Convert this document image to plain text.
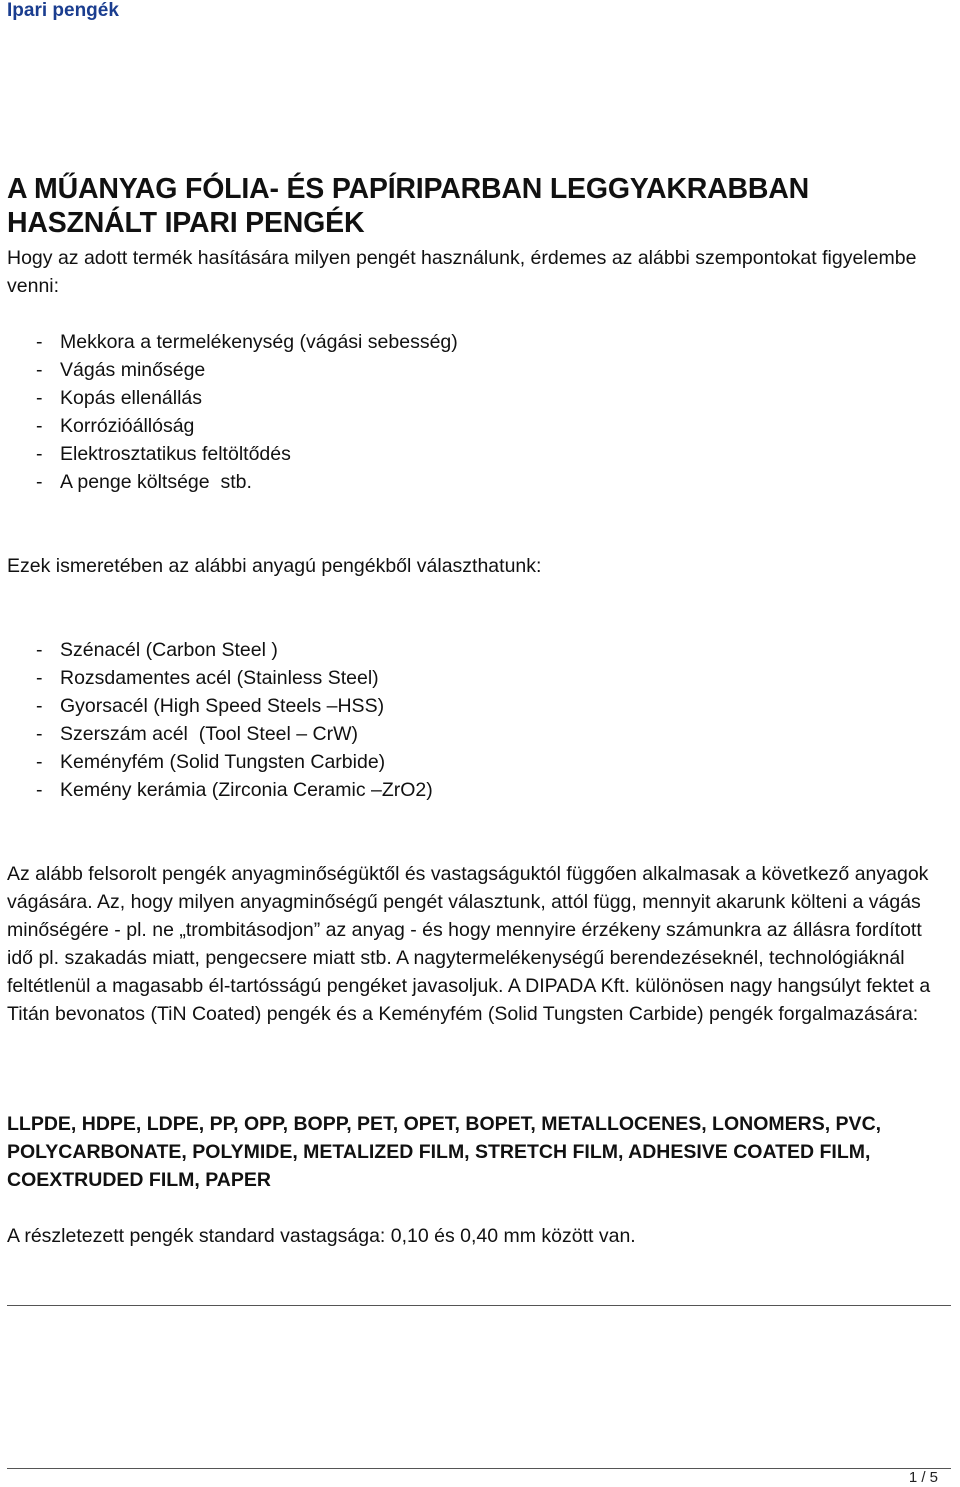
Ipari pengék
A MŰANYAG FÓLIA- ÉS PAPÍRIPARBAN LEGGYAKRABBAN HASZNÁLT IPARI PENGÉK
Hogy az adott termék hasítására milyen pengét használunk, érdemes az alábbi szempontokat figyelembe venni:
- Mekkora a termelékenység (vágási sebesség)
- Vágás minősége
- Kopás ellenállás
- Korrózióállóság
- Elektrosztatikus feltöltődés
- A penge költsége  stb.
Ezek ismeretében az alábbi anyagú pengékből választhatunk:
- Szénacél (Carbon Steel )
- Rozsdamentes acél (Stainless Steel)
- Gyorsacél (High Speed Steels –HSS)
- Szerszám acél  (Tool Steel – CrW)
- Keményfém (Solid Tungsten Carbide)
- Kemény kerámia (Zirconia Ceramic –ZrO2)

Az alább felsorolt pengék anyagminőségüktől és vastagságuktól függően alkalmasak a következő anyagok vágására. Az, hogy milyen anyagminőségű pengét választunk, attól függ, mennyit akarunk költeni a vágás minőségére - pl. ne „trombitásodjon” az anyag - és hogy mennyire érzékeny számunkra az állásra fordított idő pl. szakadás miatt, pengecsere miatt stb. A nagytermelékenységű berendezéseknél, technológiáknál feltétlenül a magasabb él-tartósságú pengéket javasoljuk. A DIPADA Kft. különösen nagy hangsúlyt fektet a Titán bevonatos (TiN Coated) pengék és a Keményfém (Solid Tungsten Carbide) pengék forgalmazására:

LLPDE, HDPE, LDPE, PP, OPP, BOPP, PET, OPET, BOPET, METALLOCENES, LONOMERS, PVC, POLYCARBONATE, POLYMIDE, METALIZED FILM, STRETCH FILM, ADHESIVE COATED FILM, COEXTRUDED FILM, PAPER
A részletezett pengék standard vastagsága: 0,10 és 0,40 mm között van.
1 / 5
